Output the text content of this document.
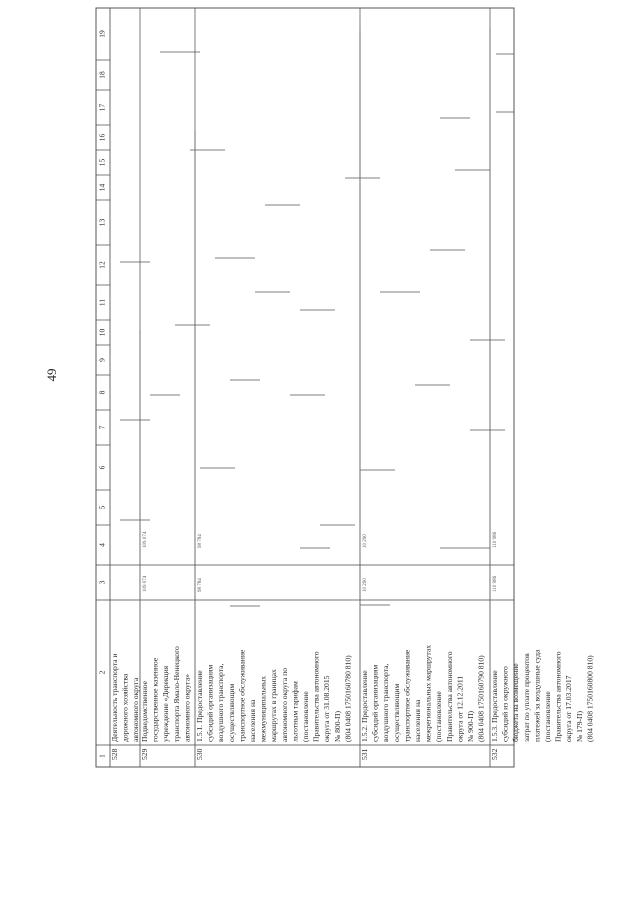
49
1
2
3
4
5
6
7
8
9
10
11
12
13
14
15
16
17
18
19
528
Деятельность транспорта и дорожного хозяйства автономного округа
529
Подведомственное государственное казенное учреждение «Дирекция транспорта Ямало-Ненецкого автономного округа»
109 074
109 074
530
1.5.1. Предоставление субсидий организациям воздушного транспорта, осуществляющим транспортное обслуживание населения на межмуниципальных маршрутах в границах автономного округа по льготным тарифам (постановление Правительства автономного округа от 31.08.2015 № 800-П) (804 0408 1750160780 810)
98 784
98 784
531
1.5.2. Предоставление субсидий организациям воздушного транспорта, осуществляющим транспортное обслуживание населения на межрегиональных маршрутах (постановление Правительства автономного округа от 12.12.2011 № 900-П) (804 0408 1750160790 810)
10 290
10 290
532
1.5.3. Предоставление субсидий из окружного бюджета на возмещение затрат по уплате процентов платежей за воздушные суда (постановление Правительства автономного округа от 17.03.2017 № 179-П) (804 0408 1750160800 810)
110 986
110 986
